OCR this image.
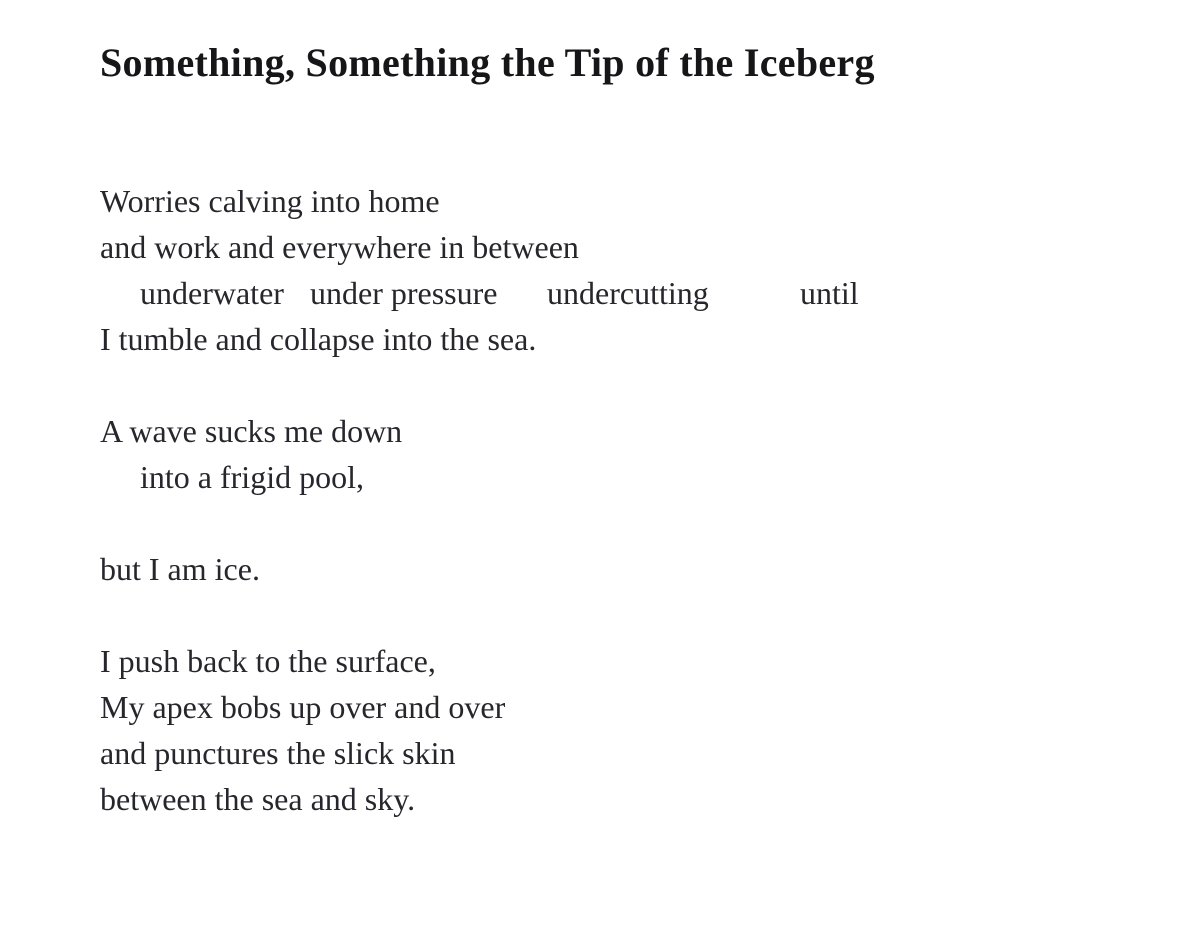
Something, Something the Tip of the Iceberg
Worries calving into home
and work and everywhere in between

underwater

under pressure

undercutting

	until

I tumble and collapse into the sea.
A wave sucks me down
into a frigid pool,
but I am ice.
I push back to the surface,
My apex bobs up over and over
and punctures the slick skin
between the sea and sky.
